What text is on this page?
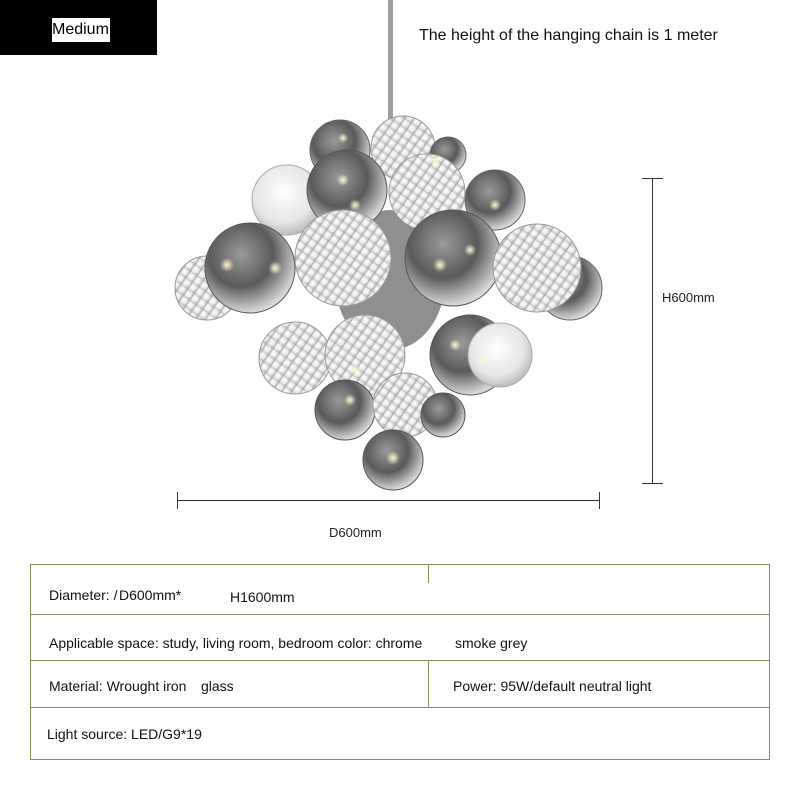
Medium	The height of the hanging chain is 1 meter
H600mm
D600mm
Diameter: / D600mm*	H1600mm
Applicable space: study, living room, bedroom color: chrome smoke grey
Material: Wrought iron glass	Power: 95W/default neutral light
Light source: LED/G9*19
